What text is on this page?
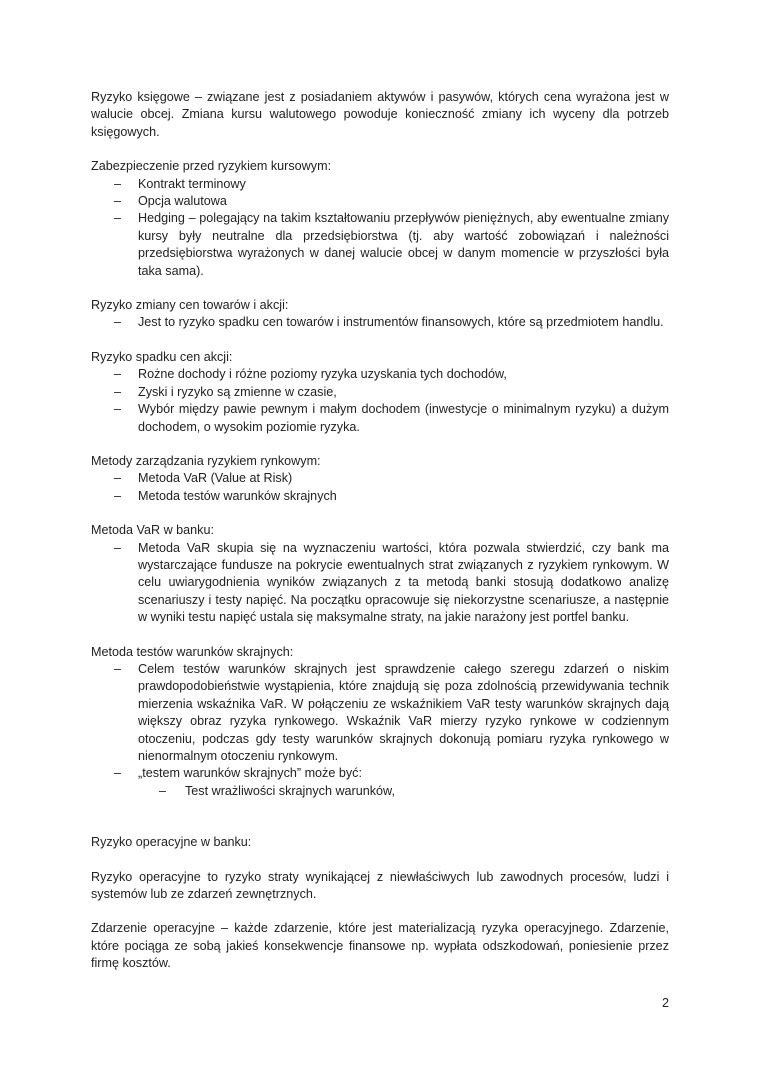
Ryzyko księgowe – związane jest z posiadaniem aktywów i pasywów, których cena wyrażona jest w walucie obcej. Zmiana kursu walutowego powoduje konieczność zmiany ich wyceny dla potrzeb księgowych.

Zabezpieczenie przed ryzykiem kursowym:

– Kontrakt terminowy
– Opcja walutowa
– Hedging – polegający na takim kształtowaniu przepływów pieniężnych, aby ewentualne zmiany kursy były neutralne dla przedsiębiorstwa (tj. aby wartość zobowiązań i należności przedsiębiorstwa wyrażonych w danej walucie obcej w danym momencie w przyszłości była taka sama).

Ryzyko zmiany cen towarów i akcji:

– Jest to ryzyko spadku cen towarów i instrumentów finansowych, które są przedmiotem handlu.

Ryzyko spadku cen akcji:

– Rożne dochody i różne poziomy ryzyka uzyskania tych dochodów,
– Zyski i ryzyko są zmienne w czasie,
– Wybór między pawie pewnym i małym dochodem (inwestycje o minimalnym ryzyku) a dużym dochodem, o wysokim poziomie ryzyka.

Metody zarządzania ryzykiem rynkowym:

– Metoda VaR (Value at Risk)
– Metoda testów warunków skrajnych

Metoda VaR w banku:

– Metoda VaR skupia się na wyznaczeniu wartości, która pozwala stwierdzić, czy bank ma wystarczające fundusze na pokrycie ewentualnych strat związanych z ryzykiem rynkowym. W celu uwiarygodnienia wyników związanych z ta metodą banki stosują dodatkowo analizę scenariuszy i testy napięć. Na początku opracowuje się niekorzystne scenariusze, a następnie w wyniki testu napięć ustala się maksymalne straty, na jakie narażony jest portfel banku.

Metoda testów warunków skrajnych:

– Celem testów warunków skrajnych jest sprawdzenie całego szeregu zdarzeń o niskim prawdopodobieństwie wystąpienia, które znajdują się poza zdolnością przewidywania technik mierzenia wskaźnika VaR. W połączeniu ze wskaźnikiem VaR testy warunków skrajnych dają większy obraz ryzyka rynkowego. Wskaźnik VaR mierzy ryzyko rynkowe w codziennym otoczeniu, podczas gdy testy warunków skrajnych dokonują pomiaru ryzyka rynkowego w nienormalnym otoczeniu rynkowym.
– „testem warunków skrajnych” może być:
– Test wrażliwości skrajnych warunków,

Ryzyko operacyjne w banku:

Ryzyko operacyjne to ryzyko straty wynikającej z niewłaściwych lub zawodnych procesów, ludzi i systemów lub ze zdarzeń zewnętrznych.

Zdarzenie operacyjne – każde zdarzenie, które jest materializacją ryzyka operacyjnego. Zdarzenie, które pociąga ze sobą jakieś konsekwencje finansowe np. wypłata odszkodowań, poniesienie przez firmę kosztów.

2
